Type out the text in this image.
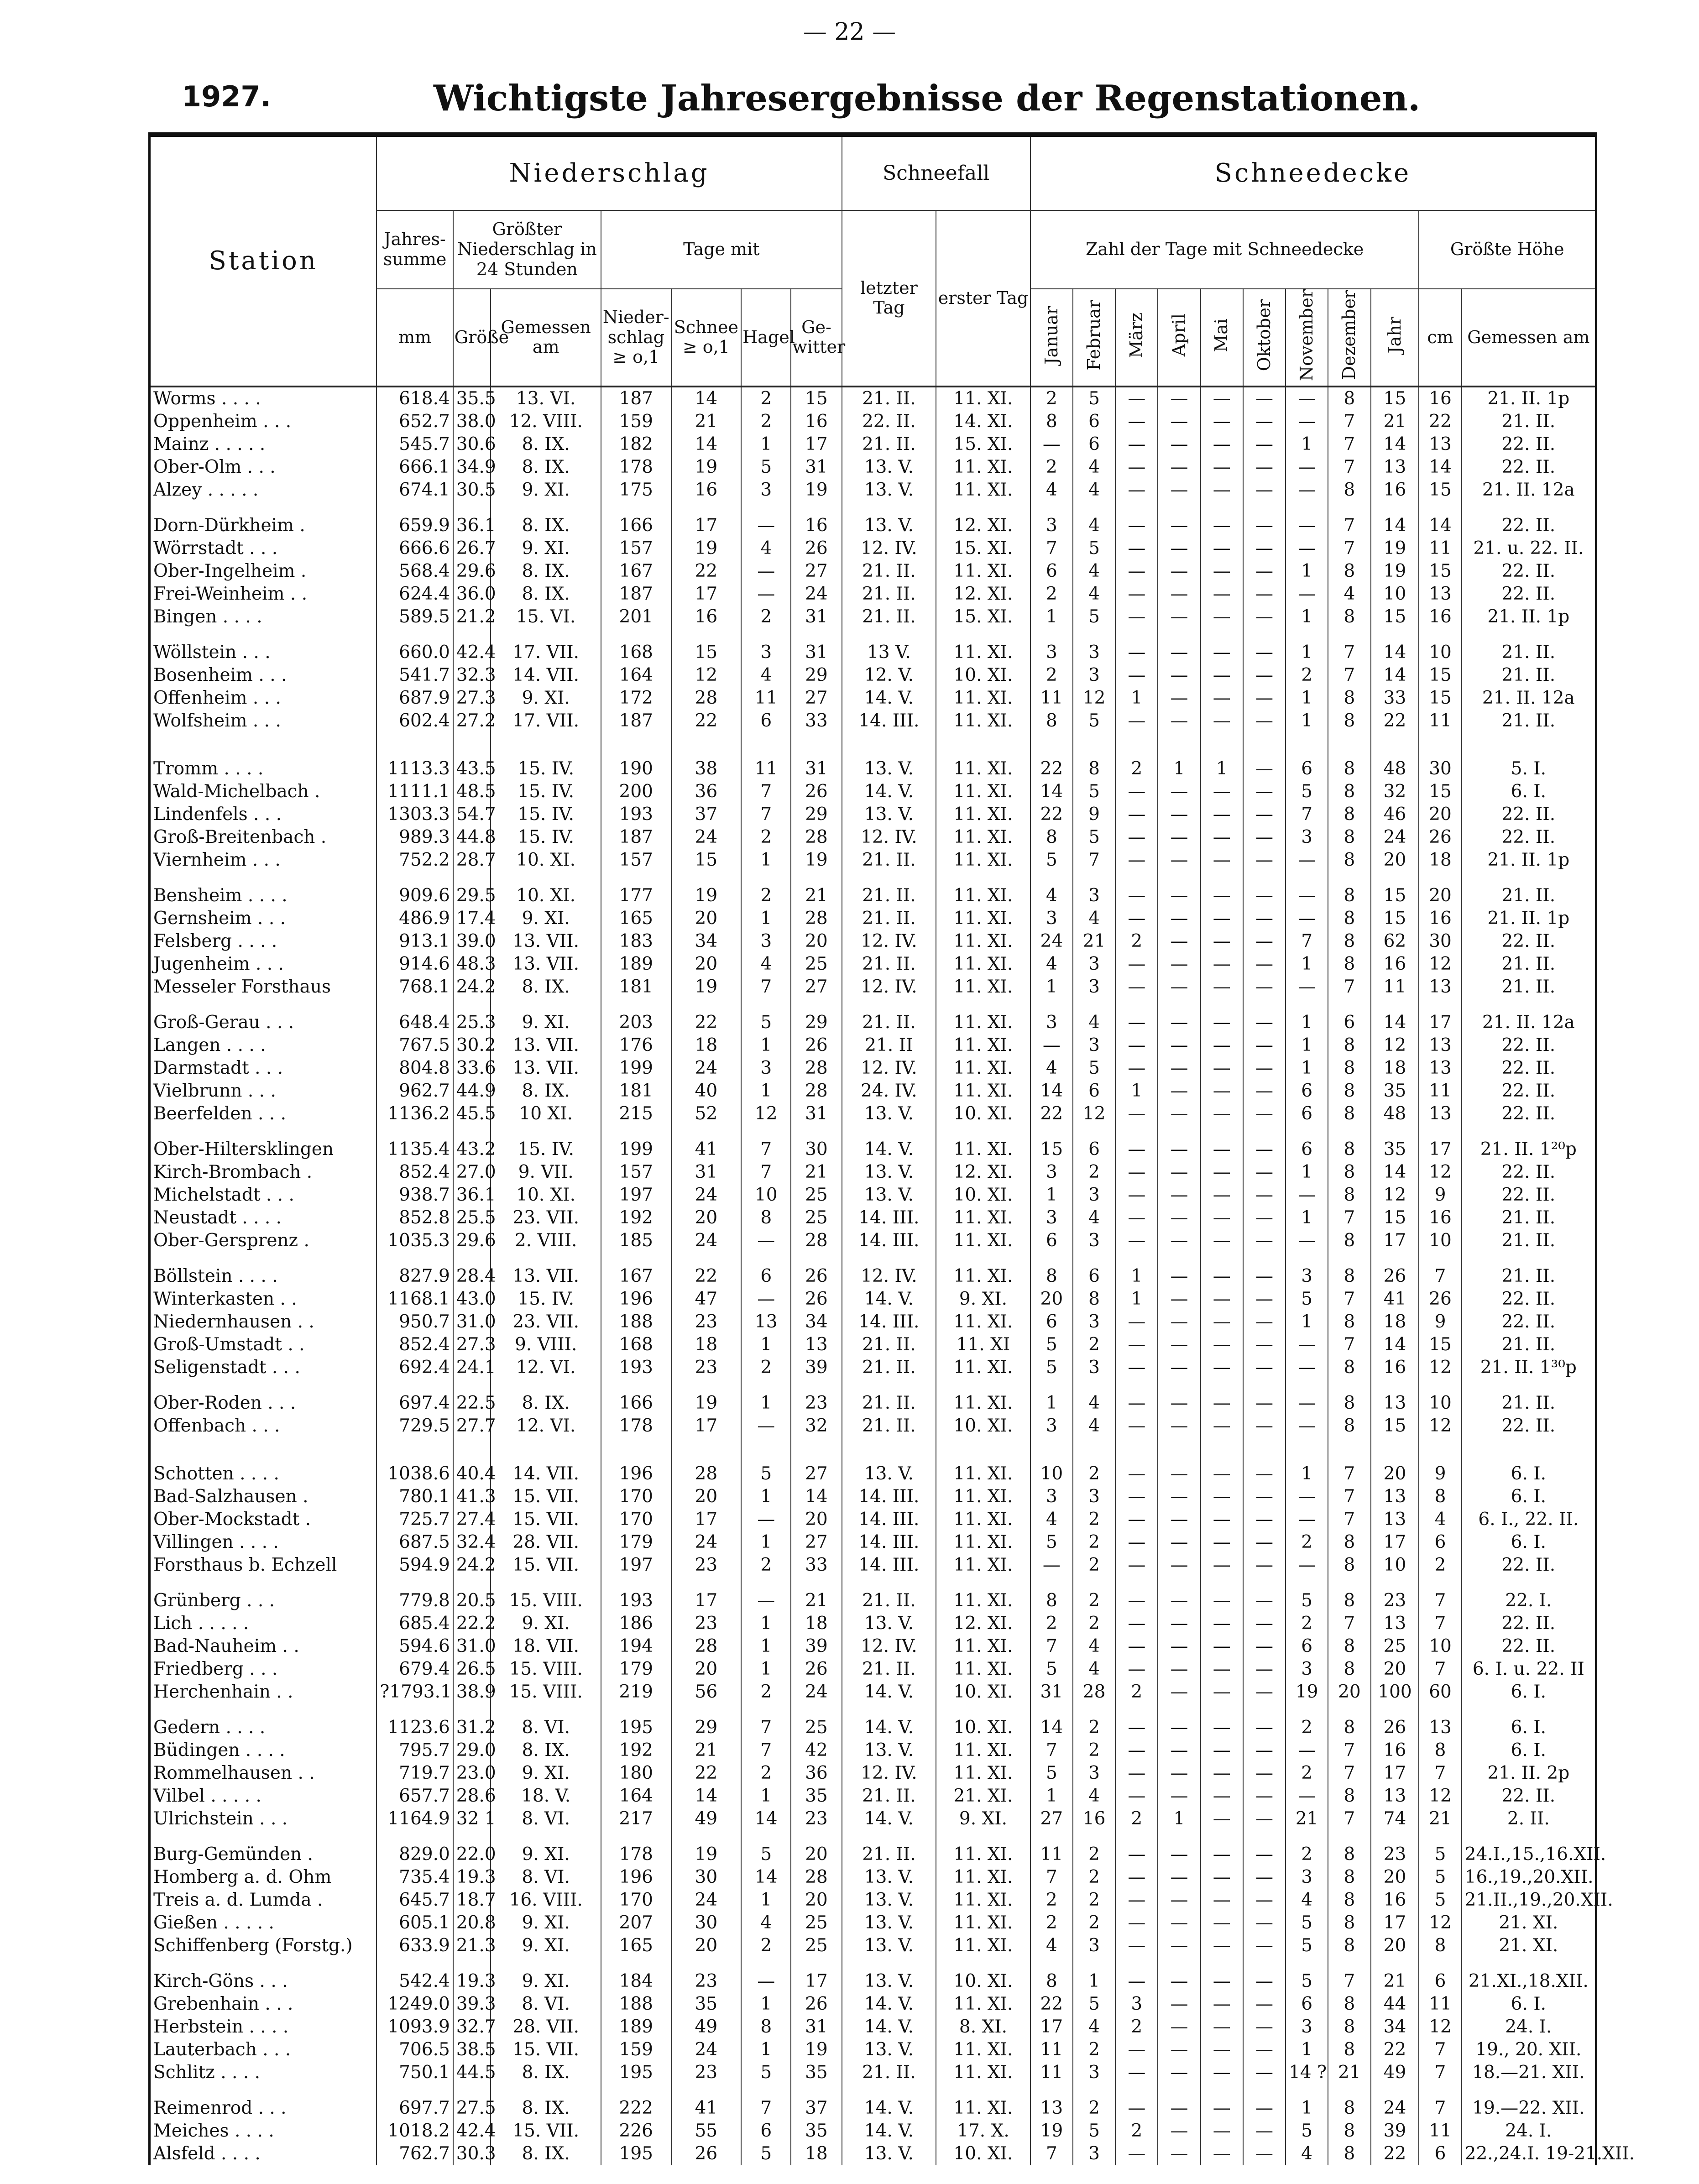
— 22 —
1927.	Wichtigste Jahresergebnisse der Regenstationen.
Station	Niederschlag							Schneefall		Schneedecke										
	Jahres-summe	Größter Niederschlag in 24 Stunden		Tage mit				letzter Tag	erster Tag	Zahl der Tage mit Schneedecke									Größte Höhe	
	mm	Größe	Gemessen am	Nieder-schlag ≥ o,1	Schnee ≥ o,1	Hagel	Ge-witter			Januar	Februar	März	April	Mai	Oktober	November	Dezember	Jahr	cm	Gemessen am
Worms . . . .	618.4	35.5	13. VI.	187	14	2	15	21. II.	11. XI.	2	5	—	—	—	—	—	8	15	16	21. II. 1p
Oppenheim . . .	652.7	38.0	12. VIII.	159	21	2	16	22. II.	14. XI.	8	6	—	—	—	—	—	7	21	22	21. II.
Mainz . . . . .	545.7	30.6	8. IX.	182	14	1	17	21. II.	15. XI.	—	6	—	—	—	—	1	7	14	13	22. II.
Ober-Olm . . .	666.1	34.9	8. IX.	178	19	5	31	13. V.	11. XI.	2	4	—	—	—	—	—	7	13	14	22. II.
Alzey . . . . .	674.1	30.5	9. XI.	175	16	3	19	13. V.	11. XI.	4	4	—	—	—	—	—	8	16	15	21. II. 12a

Dorn-Dürkheim .	659.9	36.1	8. IX.	166	17	—	16	13. V.	12. XI.	3	4	—	—	—	—	—	7	14	14	22. II.
Wörrstadt . . .	666.6	26.7	9. XI.	157	19	4	26	12. IV.	15. XI.	7	5	—	—	—	—	—	7	19	11	21. u. 22. II.
Ober-Ingelheim .	568.4	29.6	8. IX.	167	22	—	27	21. II.	11. XI.	6	4	—	—	—	—	1	8	19	15	22. II.
Frei-Weinheim . .	624.4	36.0	8. IX.	187	17	—	24	21. II.	12. XI.	2	4	—	—	—	—	—	4	10	13	22. II.
Bingen . . . .	589.5	21.2	15. VI.	201	16	2	31	21. II.	15. XI.	1	5	—	—	—	—	1	8	15	16	21. II. 1p

Wöllstein . . .	660.0	42.4	17. VII.	168	15	3	31	13 V.	11. XI.	3	3	—	—	—	—	1	7	14	10	21. II.
Bosenheim . . .	541.7	32.3	14. VII.	164	12	4	29	12. V.	10. XI.	2	3	—	—	—	—	2	7	14	15	21. II.
Offenheim . . .	687.9	27.3	9. XI.	172	28	11	27	14. V.	11. XI.	11	12	1	—	—	—	1	8	33	15	21. II. 12a
Wolfsheim . . .	602.4	27.2	17. VII.	187	22	6	33	14. III.	11. XI.	8	5	—	—	—	—	1	8	22	11	21. II.

Tromm . . . .	1113.3	43.5	15. IV.	190	38	11	31	13. V.	11. XI.	22	8	2	1	1	—	6	8	48	30	5. I.
Wald-Michelbach .	1111.1	48.5	15. IV.	200	36	7	26	14. V.	11. XI.	14	5	—	—	—	—	5	8	32	15	6. I.
Lindenfels . . .	1303.3	54.7	15. IV.	193	37	7	29	13. V.	11. XI.	22	9	—	—	—	—	7	8	46	20	22. II.
Groß-Breitenbach .	989.3	44.8	15. IV.	187	24	2	28	12. IV.	11. XI.	8	5	—	—	—	—	3	8	24	26	22. II.
Viernheim . . .	752.2	28.7	10. XI.	157	15	1	19	21. II.	11. XI.	5	7	—	—	—	—	—	8	20	18	21. II. 1p

Bensheim . . . .	909.6	29.5	10. XI.	177	19	2	21	21. II.	11. XI.	4	3	—	—	—	—	—	8	15	20	21. II.
Gernsheim . . .	486.9	17.4	9. XI.	165	20	1	28	21. II.	11. XI.	3	4	—	—	—	—	—	8	15	16	21. II. 1p
Felsberg . . . .	913.1	39.0	13. VII.	183	34	3	20	12. IV.	11. XI.	24	21	2	—	—	—	7	8	62	30	22. II.
Jugenheim . . .	914.6	48.3	13. VII.	189	20	4	25	21. II.	11. XI.	4	3	—	—	—	—	1	8	16	12	21. II.
Messeler Forsthaus	768.1	24.2	8. IX.	181	19	7	27	12. IV.	11. XI.	1	3	—	—	—	—	—	7	11	13	21. II.

Groß-Gerau . . .	648.4	25.3	9. XI.	203	22	5	29	21. II.	11. XI.	3	4	—	—	—	—	1	6	14	17	21. II. 12a
Langen . . . .	767.5	30.2	13. VII.	176	18	1	26	21. II	11. XI.	—	3	—	—	—	—	1	8	12	13	22. II.
Darmstadt . . .	804.8	33.6	13. VII.	199	24	3	28	12. IV.	11. XI.	4	5	—	—	—	—	1	8	18	13	22. II.
Vielbrunn . . .	962.7	44.9	8. IX.	181	40	1	28	24. IV.	11. XI.	14	6	1	—	—	—	6	8	35	11	22. II.
Beerfelden . . .	1136.2	45.5	10 XI.	215	52	12	31	13. V.	10. XI.	22	12	—	—	—	—	6	8	48	13	22. II.

Ober-Hiltersklingen	1135.4	43.2	15. IV.	199	41	7	30	14. V.	11. XI.	15	6	—	—	—	—	6	8	35	17	21. II. 1²⁰p
Kirch-Brombach .	852.4	27.0	9. VII.	157	31	7	21	13. V.	12. XI.	3	2	—	—	—	—	1	8	14	12	22. II.
Michelstadt . . .	938.7	36.1	10. XI.	197	24	10	25	13. V.	10. XI.	1	3	—	—	—	—	—	8	12	9	22. II.
Neustadt . . . .	852.8	25.5	23. VII.	192	20	8	25	14. III.	11. XI.	3	4	—	—	—	—	1	7	15	16	21. II.
Ober-Gersprenz .	1035.3	29.6	2. VIII.	185	24	—	28	14. III.	11. XI.	6	3	—	—	—	—	—	8	17	10	21. II.

Böllstein . . . .	827.9	28.4	13. VII.	167	22	6	26	12. IV.	11. XI.	8	6	1	—	—	—	3	8	26	7	21. II.
Winterkasten . .	1168.1	43.0	15. IV.	196	47	—	26	14. V.	9. XI.	20	8	1	—	—	—	5	7	41	26	22. II.
Niedernhausen . .	950.7	31.0	23. VII.	188	23	13	34	14. III.	11. XI.	6	3	—	—	—	—	1	8	18	9	22. II.
Groß-Umstadt . .	852.4	27.3	9. VIII.	168	18	1	13	21. II.	11. XI	5	2	—	—	—	—	—	7	14	15	21. II.
Seligenstadt . . .	692.4	24.1	12. VI.	193	23	2	39	21. II.	11. XI.	5	3	—	—	—	—	—	8	16	12	21. II. 1³⁰p

Ober-Roden . . .	697.4	22.5	8. IX.	166	19	1	23	21. II.	11. XI.	1	4	—	—	—	—	—	8	13	10	21. II.
Offenbach . . .	729.5	27.7	12. VI.	178	17	—	32	21. II.	10. XI.	3	4	—	—	—	—	—	8	15	12	22. II.

Schotten . . . .	1038.6	40.4	14. VII.	196	28	5	27	13. V.	11. XI.	10	2	—	—	—	—	1	7	20	9	6. I.
Bad-Salzhausen .	780.1	41.3	15. VII.	170	20	1	14	14. III.	11. XI.	3	3	—	—	—	—	—	7	13	8	6. I.
Ober-Mockstadt .	725.7	27.4	15. VII.	170	17	—	20	14. III.	11. XI.	4	2	—	—	—	—	—	7	13	4	6. I., 22. II.
Villingen . . . .	687.5	32.4	28. VII.	179	24	1	27	14. III.	11. XI.	5	2	—	—	—	—	2	8	17	6	6. I.
Forsthaus b. Echzell	594.9	24.2	15. VII.	197	23	2	33	14. III.	11. XI.	—	2	—	—	—	—	—	8	10	2	22. II.

Grünberg . . .	779.8	20.5	15. VIII.	193	17	—	21	21. II.	11. XI.	8	2	—	—	—	—	5	8	23	7	22. I.
Lich . . . . .	685.4	22.2	9. XI.	186	23	1	18	13. V.	12. XI.	2	2	—	—	—	—	2	7	13	7	22. II.
Bad-Nauheim . .	594.6	31.0	18. VII.	194	28	1	39	12. IV.	11. XI.	7	4	—	—	—	—	6	8	25	10	22. II.
Friedberg . . .	679.4	26.5	15. VIII.	179	20	1	26	21. II.	11. XI.	5	4	—	—	—	—	3	8	20	7	6. I. u. 22. II
Herchenhain . .	?1793.1	38.9	15. VIII.	219	56	2	24	14. V.	10. XI.	31	28	2	—	—	—	19	20	100	60	6. I.

Gedern . . . .	1123.6	31.2	8. VI.	195	29	7	25	14. V.	10. XI.	14	2	—	—	—	—	2	8	26	13	6. I.
Büdingen . . . .	795.7	29.0	8. IX.	192	21	7	42	13. V.	11. XI.	7	2	—	—	—	—	—	7	16	8	6. I.
Rommelhausen . .	719.7	23.0	9. XI.	180	22	2	36	12. IV.	11. XI.	5	3	—	—	—	—	2	7	17	7	21. II. 2p
Vilbel . . . . .	657.7	28.6	18. V.	164	14	1	35	21. II.	21. XI.	1	4	—	—	—	—	—	8	13	12	22. II.
Ulrichstein . . .	1164.9	32 1	8. VI.	217	49	14	23	14. V.	9. XI.	27	16	2	1	—	—	21	7	74	21	2. II.

Burg-Gemünden .	829.0	22.0	9. XI.	178	19	5	20	21. II.	11. XI.	11	2	—	—	—	—	2	8	23	5	24.I.,15.,16.XII.
Homberg a. d. Ohm	735.4	19.3	8. VI.	196	30	14	28	13. V.	11. XI.	7	2	—	—	—	—	3	8	20	5	16.,19.,20.XII.
Treis a. d. Lumda .	645.7	18.7	16. VIII.	170	24	1	20	13. V.	11. XI.	2	2	—	—	—	—	4	8	16	5	21.II.,19.,20.XII.
Gießen . . . . .	605.1	20.8	9. XI.	207	30	4	25	13. V.	11. XI.	2	2	—	—	—	—	5	8	17	12	21. XI.
Schiffenberg (Forstg.)	633.9	21.3	9. XI.	165	20	2	25	13. V.	11. XI.	4	3	—	—	—	—	5	8	20	8	21. XI.

Kirch-Göns . . .	542.4	19.3	9. XI.	184	23	—	17	13. V.	10. XI.	8	1	—	—	—	—	5	7	21	6	21.XI.,18.XII.
Grebenhain . . .	1249.0	39.3	8. VI.	188	35	1	26	14. V.	11. XI.	22	5	3	—	—	—	6	8	44	11	6. I.
Herbstein . . . .	1093.9	32.7	28. VII.	189	49	8	31	14. V.	8. XI.	17	4	2	—	—	—	3	8	34	12	24. I.
Lauterbach . . .	706.5	38.5	15. VII.	159	24	1	19	13. V.	11. XI.	11	2	—	—	—	—	1	8	22	7	19., 20. XII.
Schlitz . . . .	750.1	44.5	8. IX.	195	23	5	35	21. II.	11. XI.	11	3	—	—	—	—	14 ?	21	49	7	18.—21. XII.

Reimenrod . . .	697.7	27.5	8. IX.	222	41	7	37	14. V.	11. XI.	13	2	—	—	—	—	1	8	24	7	19.—22. XII.
Meiches . . . .	1018.2	42.4	15. VII.	226	55	6	35	14. V.	17. X.	19	5	2	—	—	—	5	8	39	11	24. I.
Alsfeld . . . .	762.7	30.3	8. IX.	195	26	5	18	13. V.	10. XI.	7	3	—	—	—	—	4	8	22	6	22.,24.I. 19-21.XII.
